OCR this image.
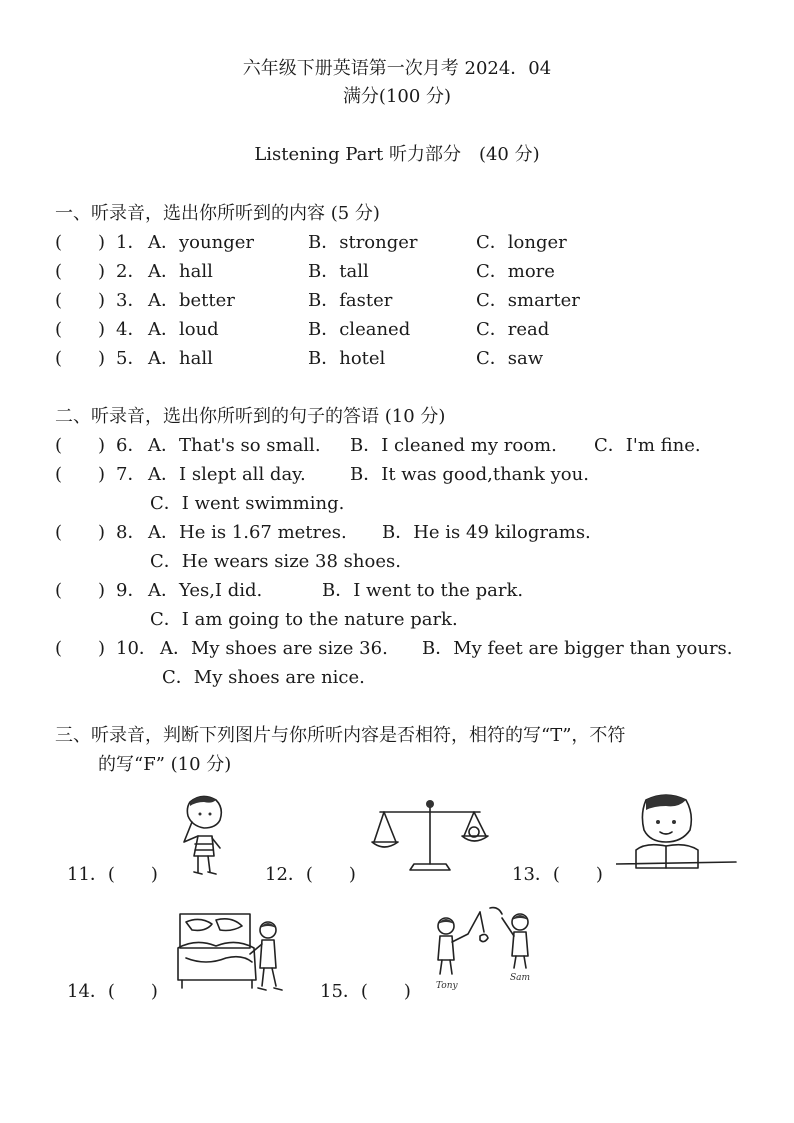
六年级下册英语第一次月考 2024．04
满分(100 分)
Listening Part 听力部分　(40 分)
一、听录音，选出你所听到的内容 (5 分)
(　　) 1． A．younger	B．stronger	C．longer
(　　) 2． A．hall	B．tall	C．more
(　　) 3． A．better	B．faster	C．smarter
(　　) 4． A．loud	B．cleaned	C．read
(　　) 5． A．hall	B．hotel	C．saw
二、听录音，选出你所听到的句子的答语 (10 分)
(　　) 6． A．That's so small. B．I cleaned my room. C．I'm fine.
(　　) 7． A．I slept all day. B．It was good,thank you.
C．I went swimming.
(　　) 8． A．He is 1.67 metres. B．He is 49 kilograms.
C．He wears size 38 shoes.
(　　) 9． A．Yes,I did.	B．I went to the park.
C．I am going to the nature park.
(　　) 10． A．My shoes are size 36. B．My feet are bigger than yours.
C．My shoes are nice.
三、听录音，判断下列图片与你所听内容是否相符，相符的写“T”，不符
的写“F” (10 分)
Tony
Sam
11．(　　)	12．(　　)	13．(　　)
14．(　　)	15．(　　)
